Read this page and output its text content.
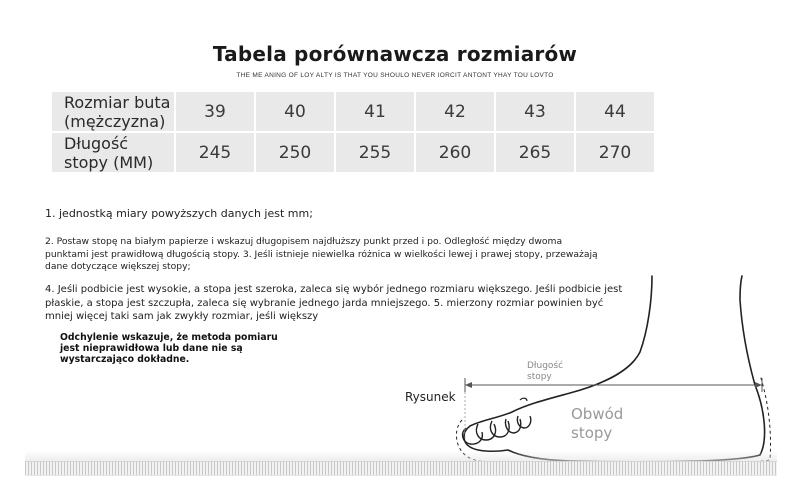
Tabela porównawcza rozmiarów
THE ME ANING OF LOY ALTY IS THAT YOU SHOULO NEVER IORCIT ANTONT YHAY TOU LOVTO
Rozmiar buta
(mężczyzna)	39	40	41	42	43	44

Długość
stopy (MM)	245	250	255	260	265	270
1. jednostką miary powyższych danych jest mm;
2. Postaw stopę na białym papierze i wskazuj długopisem najdłuższy punkt przed i po. Odległość między dwoma punktami jest prawidłową długością stopy. 3. Jeśli istnieje niewielka różnica w wielkości lewej i prawej stopy, przeważają dane dotyczące większej stopy;
4. Jeśli podbicie jest wysokie, a stopa jest szeroka, zaleca się wybór jednego rozmiaru większego. Jeśli podbicie jest płaskie, a stopa jest szczupła, zaleca się wybranie jednego jarda mniejszego. 5. mierzony rozmiar powinien być mniej więcej taki sam jak zwykły rozmiar, jeśli większy
Odchylenie wskazuje, że metoda pomiaru jest nieprawidłowa lub dane nie są wystarczająco dokładne.
Rysunek
Długość
stopy
Obwód
stopy
